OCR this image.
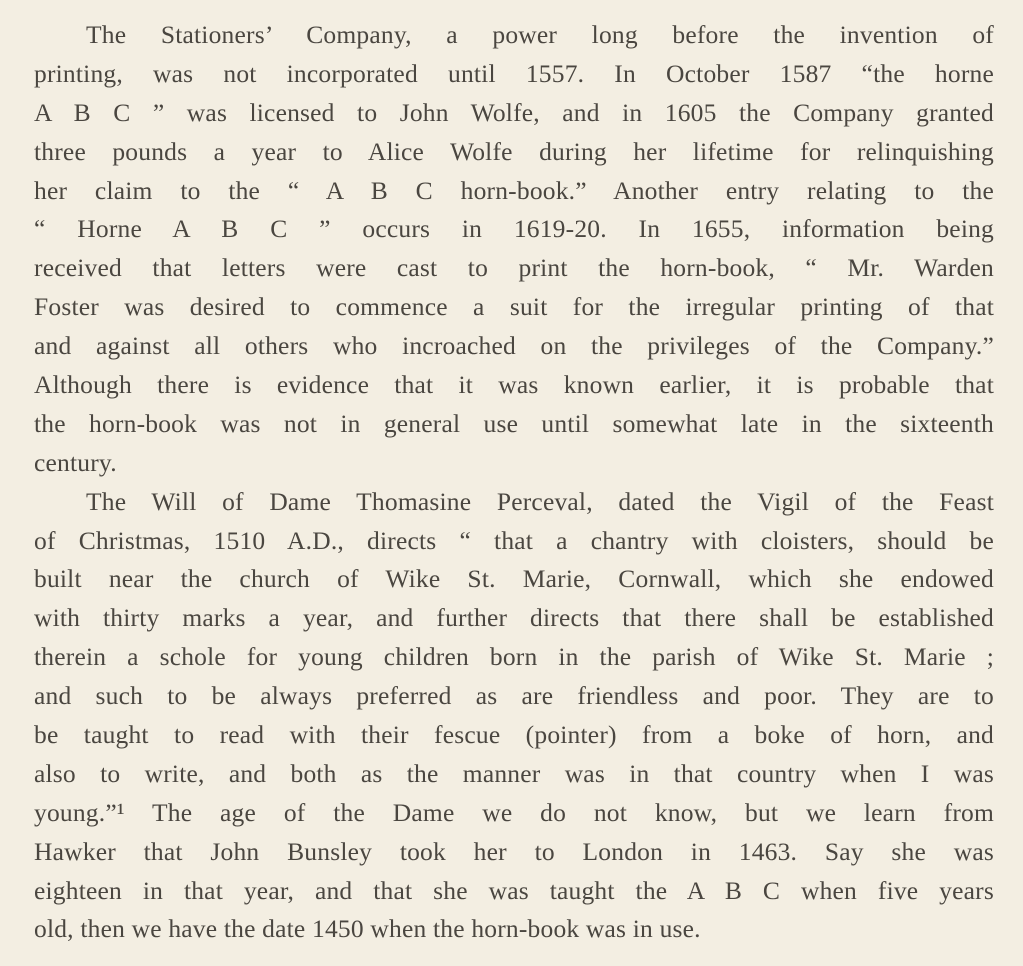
The Stationers’ Company, a power long before the invention of
printing, was not incorporated until 1557. In October 1587 “the horne
A B C ” was licensed to John Wolfe, and in 1605 the Company granted
three pounds a year to Alice Wolfe during her lifetime for relinquishing
her claim to the “ A B C horn-book.” Another entry relating to the
“ Horne A B C ” occurs in 1619-20. In 1655, information being
received that letters were cast to print the horn-book, “ Mr. Warden
Foster was desired to commence a suit for the irregular printing of that
and against all others who incroached on the privileges of the Company.”
Although there is evidence that it was known earlier, it is probable that
the horn-book was not in general use until somewhat late in the sixteenth
century.
The Will of Dame Thomasine Perceval, dated the Vigil of the Feast
of Christmas, 1510 A.D., directs “ that a chantry with cloisters, should be
built near the church of Wike St. Marie, Cornwall, which she endowed
with thirty marks a year, and further directs that there shall be established
therein a schole for young children born in the parish of Wike St. Marie ;
and such to be always preferred as are friendless and poor. They are to
be taught to read with their fescue (pointer) from a boke of horn, and
also to write, and both as the manner was in that country when I was
young.”¹ The age of the Dame we do not know, but we learn from
Hawker that John Bunsley took her to London in 1463. Say she was
eighteen in that year, and that she was taught the A B C when five years
old, then we have the date 1450 when the horn-book was in use.
